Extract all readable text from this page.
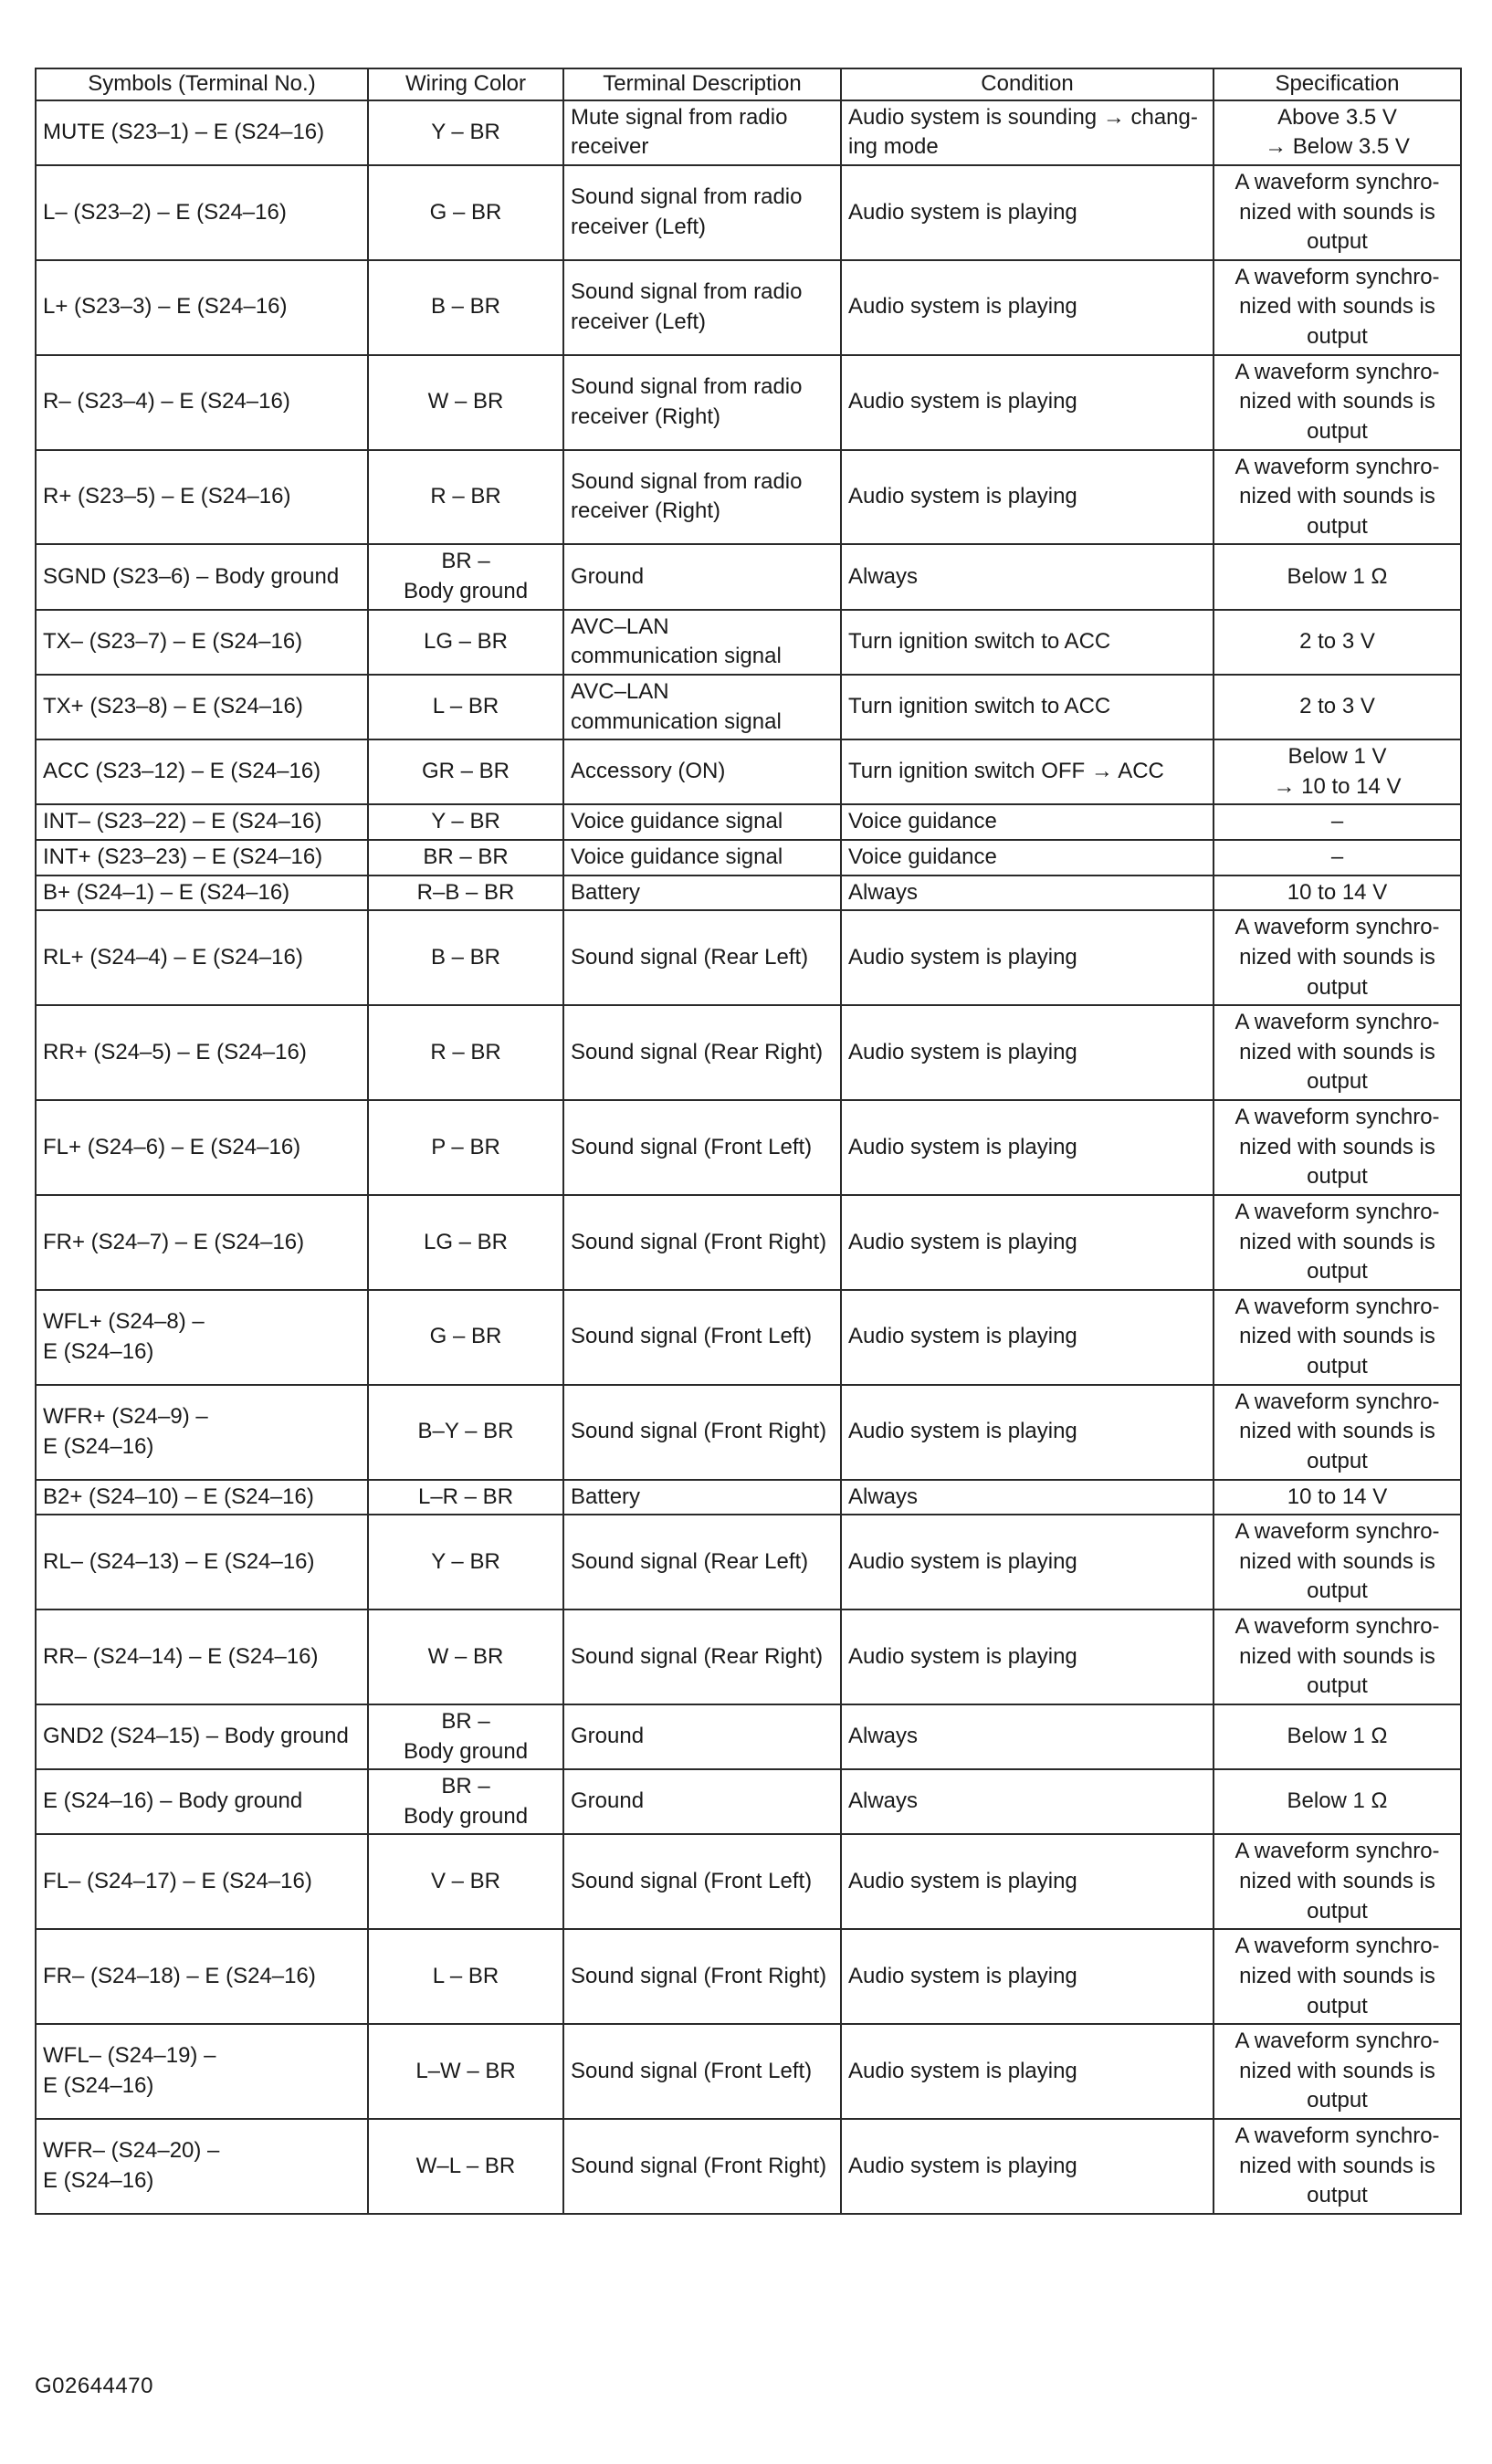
Symbols (Terminal No.)	Wiring Color	Terminal Description	Condition	Specification
MUTE (S23–1) – E (S24–16)	Y – BR	Mute signal from radio
receiver	Audio system is sounding → chang-
ing mode	Above 3.5 V
→ Below 3.5 V
L– (S23–2) – E (S24–16)	G – BR	Sound signal from radio
receiver (Left)	Audio system is playing	A waveform synchro-
nized with sounds is
output
L+ (S23–3) – E (S24–16)	B – BR	Sound signal from radio
receiver (Left)	Audio system is playing	A waveform synchro-
nized with sounds is
output
R– (S23–4) – E (S24–16)	W – BR	Sound signal from radio
receiver (Right)	Audio system is playing	A waveform synchro-
nized with sounds is
output
R+ (S23–5) – E (S24–16)	R – BR	Sound signal from radio
receiver (Right)	Audio system is playing	A waveform synchro-
nized with sounds is
output
SGND (S23–6) – Body ground	BR –
Body ground	Ground	Always	Below 1 Ω
TX– (S23–7) – E (S24–16)	LG – BR	AVC–LAN
communication signal	Turn ignition switch to ACC	2 to 3 V
TX+ (S23–8) – E (S24–16)	L – BR	AVC–LAN
communication signal	Turn ignition switch to ACC	2 to 3 V
ACC (S23–12) – E (S24–16)	GR – BR	Accessory (ON)	Turn ignition switch OFF → ACC	Below 1 V
→ 10 to 14 V
INT– (S23–22) – E (S24–16)	Y – BR	Voice guidance signal	Voice guidance	–
INT+ (S23–23) – E (S24–16)	BR – BR	Voice guidance signal	Voice guidance	–
B+ (S24–1) – E (S24–16)	R–B – BR	Battery	Always	10 to 14 V
RL+ (S24–4) – E (S24–16)	B – BR	Sound signal (Rear Left)	Audio system is playing	A waveform synchro-
nized with sounds is
output
RR+ (S24–5) – E (S24–16)	R – BR	Sound signal (Rear Right)	Audio system is playing	A waveform synchro-
nized with sounds is
output
FL+ (S24–6) – E (S24–16)	P – BR	Sound signal (Front Left)	Audio system is playing	A waveform synchro-
nized with sounds is
output
FR+ (S24–7) – E (S24–16)	LG – BR	Sound signal (Front Right)	Audio system is playing	A waveform synchro-
nized with sounds is
output
WFL+ (S24–8) –
E (S24–16)	G – BR	Sound signal (Front Left)	Audio system is playing	A waveform synchro-
nized with sounds is
output
WFR+ (S24–9) –
E (S24–16)	B–Y – BR	Sound signal (Front Right)	Audio system is playing	A waveform synchro-
nized with sounds is
output
B2+ (S24–10) – E (S24–16)	L–R – BR	Battery	Always	10 to 14 V
RL– (S24–13) – E (S24–16)	Y – BR	Sound signal (Rear Left)	Audio system is playing	A waveform synchro-
nized with sounds is
output
RR– (S24–14) – E (S24–16)	W – BR	Sound signal (Rear Right)	Audio system is playing	A waveform synchro-
nized with sounds is
output
GND2 (S24–15) – Body ground	BR –
Body ground	Ground	Always	Below 1 Ω
E (S24–16) – Body ground	BR –
Body ground	Ground	Always	Below 1 Ω
FL– (S24–17) – E (S24–16)	V – BR	Sound signal (Front Left)	Audio system is playing	A waveform synchro-
nized with sounds is
output
FR– (S24–18) – E (S24–16)	L – BR	Sound signal (Front Right)	Audio system is playing	A waveform synchro-
nized with sounds is
output
WFL– (S24–19) –
E (S24–16)	L–W – BR	Sound signal (Front Left)	Audio system is playing	A waveform synchro-
nized with sounds is
output
WFR– (S24–20) –
E (S24–16)	W–L – BR	Sound signal (Front Right)	Audio system is playing	A waveform synchro-
nized with sounds is
output
G02644470
